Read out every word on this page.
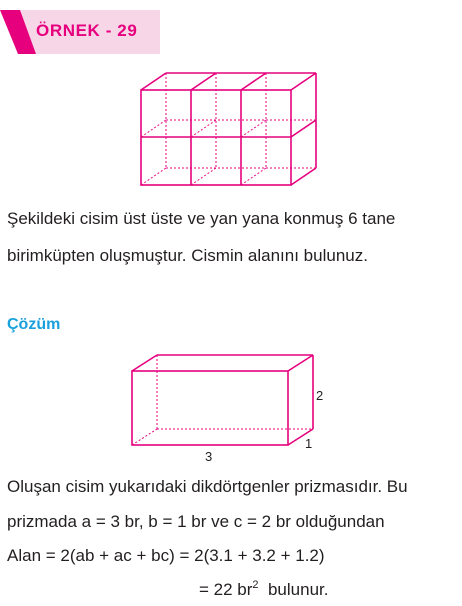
ÖRNEK - 29
Şekildeki cisim üst üste ve yan yana konmuş 6 tane
birimküpten oluşmuştur. Cismin alanını bulunuz.
Çözüm
2
1
3
Oluşan cisim yukarıdaki dikdörtgenler prizmasıdır. Bu
prizmada a = 3 br, b = 1 br ve c = 2 br olduğundan
Alan = 2(ab + ac + bc) = 2(3.1 + 3.2 + 1.2)
= 22 $br^2$  bulunur.
